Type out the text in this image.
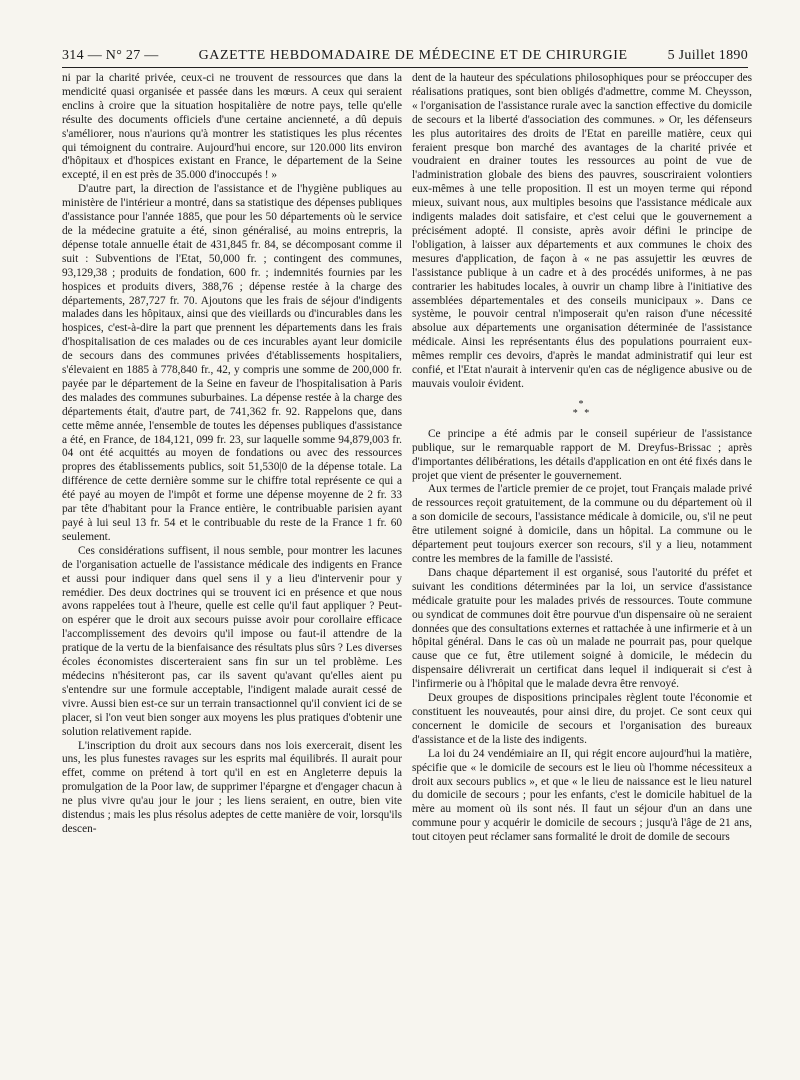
314 — N° 27 —	GAZETTE HEBDOMADAIRE DE MÉDECINE ET DE CHIRURGIE	5 Juillet 1890

ni par la charité privée, ceux-ci ne trouvent de ressources que dans la mendicité quasi organisée et passée dans les mœurs. A ceux qui seraient enclins à croire que la situation hospitalière de notre pays, telle qu'elle résulte des documents officiels d'une certaine ancienneté, a dû depuis s'améliorer, nous n'aurions qu'à montrer les statistiques les plus récentes qui témoignent du contraire. Aujourd'hui encore, sur 120.000 lits environ d'hôpitaux et d'hospices existant en France, le département de la Seine excepté, il en est près de 35.000 d'inoccupés ! »

D'autre part, la direction de l'assistance et de l'hygiène publiques au ministère de l'intérieur a montré, dans sa statistique des dépenses publiques d'assistance pour l'année 1885, que pour les 50 départements où le service de la médecine gratuite a été, sinon généralisé, au moins entrepris, la dépense totale annuelle était de 431,845 fr. 84, se décomposant comme il suit : Subventions de l'Etat, 50,000 fr. ; contingent des communes, 93,129,38 ; produits de fondation, 600 fr. ; indemnités fournies par les hospices et produits divers, 388,76 ; dépense restée à la charge des départements, 287,727 fr. 70. Ajoutons que les frais de séjour d'indigents malades dans les hôpitaux, ainsi que des vieillards ou d'incurables dans les hospices, c'est-à-dire la part que prennent les départements dans les frais d'hospitalisation de ces malades ou de ces incurables ayant leur domicile de secours dans des communes privées d'établissements hospitaliers, s'élevaient en 1885 à 778,840 fr., 42, y compris une somme de 200,000 fr. payée par le département de la Seine en faveur de l'hospitalisation à Paris des malades des communes suburbaines. La dépense restée à la charge des départements était, d'autre part, de 741,362 fr. 92. Rappelons que, dans cette même année, l'ensemble de toutes les dépenses publiques d'assistance a été, en France, de 184,121, 099 fr. 23, sur laquelle somme 94,879,003 fr. 04 ont été acquittés au moyen de fondations ou avec des ressources propres des établissements publics, soit 51,530|0 de la dépense totale. La différence de cette dernière somme sur le chiffre total représente ce qui a été payé au moyen de l'impôt et forme une dépense moyenne de 2 fr. 33 par tête d'habitant pour la France entière, le contribuable parisien ayant payé à lui seul 13 fr. 54 et le contribuable du reste de la France 1 fr. 60 seulement.

Ces considérations suffisent, il nous semble, pour montrer les lacunes de l'organisation actuelle de l'assistance médicale des indigents en France et aussi pour indiquer dans quel sens il y a lieu d'intervenir pour y remédier. Des deux doctrines qui se trouvent ici en présence et que nous avons rappelées tout à l'heure, quelle est celle qu'il faut appliquer ? Peut-on espérer que le droit aux secours puisse avoir pour corollaire efficace l'accomplissement des devoirs qu'il impose ou faut-il attendre de la pratique de la vertu de la bienfaisance des résultats plus sûrs ? Les diverses écoles économistes discerteraient sans fin sur un tel problème. Les médecins n'hésiteront pas, car ils savent qu'avant qu'elles aient pu s'entendre sur une formule acceptable, l'indigent malade aurait cessé de vivre. Aussi bien est-ce sur un terrain transactionnel qu'il convient ici de se placer, si l'on veut bien songer aux moyens les plus pratiques d'obtenir une solution relativement rapide.

L'inscription du droit aux secours dans nos lois exercerait, disent les uns, les plus funestes ravages sur les esprits mal équilibrés. Il aurait pour effet, comme on prétend à tort qu'il en est en Angleterre depuis la promulgation de la Poor law, de supprimer l'épargne et d'engager chacun à ne plus vivre qu'au jour le jour ; les liens seraient, en outre, bien vite distendus ; mais les plus résolus adeptes de cette manière de voir, lorsqu'ils descen-

dent de la hauteur des spéculations philosophiques pour se préoccuper des réalisations pratiques, sont bien obligés d'admettre, comme M. Cheysson, « l'organisation de l'assistance rurale avec la sanction effective du domicile de secours et la liberté d'association des communes. » Or, les défenseurs les plus autoritaires des droits de l'Etat en pareille matière, ceux qui feraient presque bon marché des avantages de la charité privée et voudraient en drainer toutes les ressources au point de vue de l'administration globale des biens des pauvres, souscriraient volontiers eux-mêmes à une telle proposition. Il est un moyen terme qui répond mieux, suivant nous, aux multiples besoins que l'assistance médicale aux indigents malades doit satisfaire, et c'est celui que le gouvernement a précisément adopté. Il consiste, après avoir défini le principe de l'obligation, à laisser aux départements et aux communes le choix des mesures d'application, de façon à « ne pas assujettir les œuvres de l'assistance publique à un cadre et à des procédés uniformes, à ne pas contrarier les habitudes locales, à ouvrir un champ libre à l'initiative des assemblées départementales et des conseils municipaux ». Dans ce système, le pouvoir central n'imposerait qu'en raison d'une nécessité absolue aux départements une organisation déterminée de l'assistance médicale. Ainsi les représentants élus des populations pourraient eux-mêmes remplir ces devoirs, d'après le mandat administratif qui leur est confié, et l'Etat n'aurait à intervenir qu'en cas de négligence abusive ou de mauvais vouloir évident.

*
* *

Ce principe a été admis par le conseil supérieur de l'assistance publique, sur le remarquable rapport de M. Dreyfus-Brissac ; après d'importantes délibérations, les détails d'application en ont été fixés dans le projet que vient de présenter le gouvernement.

Aux termes de l'article premier de ce projet, tout Français malade privé de ressources reçoit gratuitement, de la commune ou du département où il a son domicile de secours, l'assistance médicale à domicile, ou, s'il ne peut être utilement soigné à domicile, dans un hôpital. La commune ou le département peut toujours exercer son recours, s'il y a lieu, notamment contre les membres de la famille de l'assisté.

Dans chaque département il est organisé, sous l'autorité du préfet et suivant les conditions déterminées par la loi, un service d'assistance médicale gratuite pour les malades privés de ressources. Toute commune ou syndicat de communes doit être pourvue d'un dispensaire où ne seraient données que des consultations externes et rattachée à une infirmerie et à un hôpital général. Dans le cas où un malade ne pourrait pas, pour quelque cause que ce fut, être utilement soigné à domicile, le médecin du dispensaire délivrerait un certificat dans lequel il indiquerait si c'est à l'infirmerie ou à l'hôpital que le malade devra être renvoyé.

Deux groupes de dispositions principales règlent toute l'économie et constituent les nouveautés, pour ainsi dire, du projet. Ce sont ceux qui concernent le domicile de secours et l'organisation des bureaux d'assistance et de la liste des indigents.

La loi du 24 vendémiaire an II, qui régit encore aujourd'hui la matière, spécifie que « le domicile de secours est le lieu où l'homme nécessiteux a droit aux secours publics », et que « le lieu de naissance est le lieu naturel du domicile de secours ; pour les enfants, c'est le domicile habituel de la mère au moment où ils sont nés. Il faut un séjour d'un an dans une commune pour y acquérir le domicile de secours ; jusqu'à l'âge de 21 ans, tout citoyen peut réclamer sans formalité le droit de domile de secours
